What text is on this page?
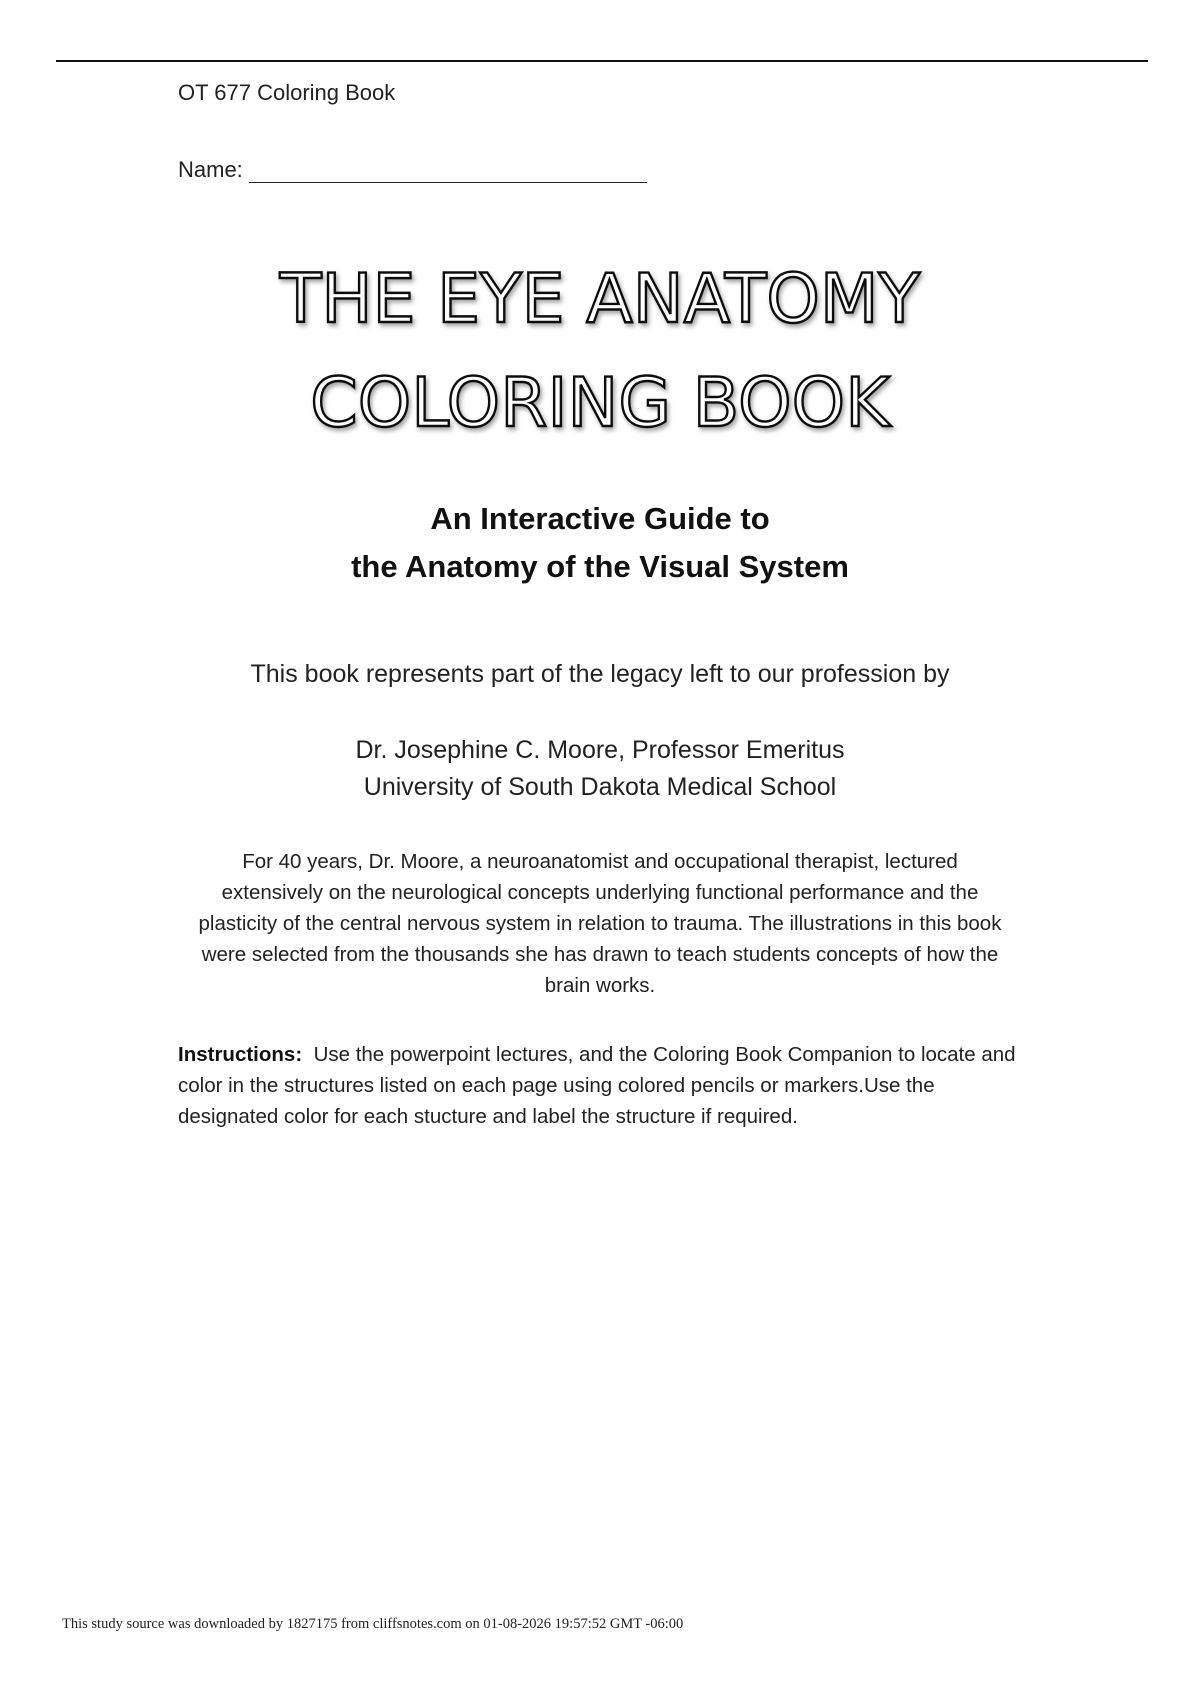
OT 677 Coloring Book
Name:
THE EYE ANATOMY
COLORING BOOK
An Interactive Guide to
the Anatomy of the Visual System
This book represents part of the legacy left to our profession by
Dr. Josephine C. Moore, Professor Emeritus
University of South Dakota Medical School
For 40 years, Dr. Moore, a neuroanatomist and occupational therapist, lectured extensively on the neurological concepts underlying functional performance and the plasticity of the central nervous system in relation to trauma. The illustrations in this book were selected from the thousands she has drawn to teach students concepts of how the brain works.
Instructions: Use the powerpoint lectures, and the Coloring Book Companion to locate and color in the structures listed on each page using colored pencils or markers.Use the designated color for each stucture and label the structure if required.
This study source was downloaded by 1827175 from cliffsnotes.com on 01-08-2026 19:57:52 GMT -06:00
